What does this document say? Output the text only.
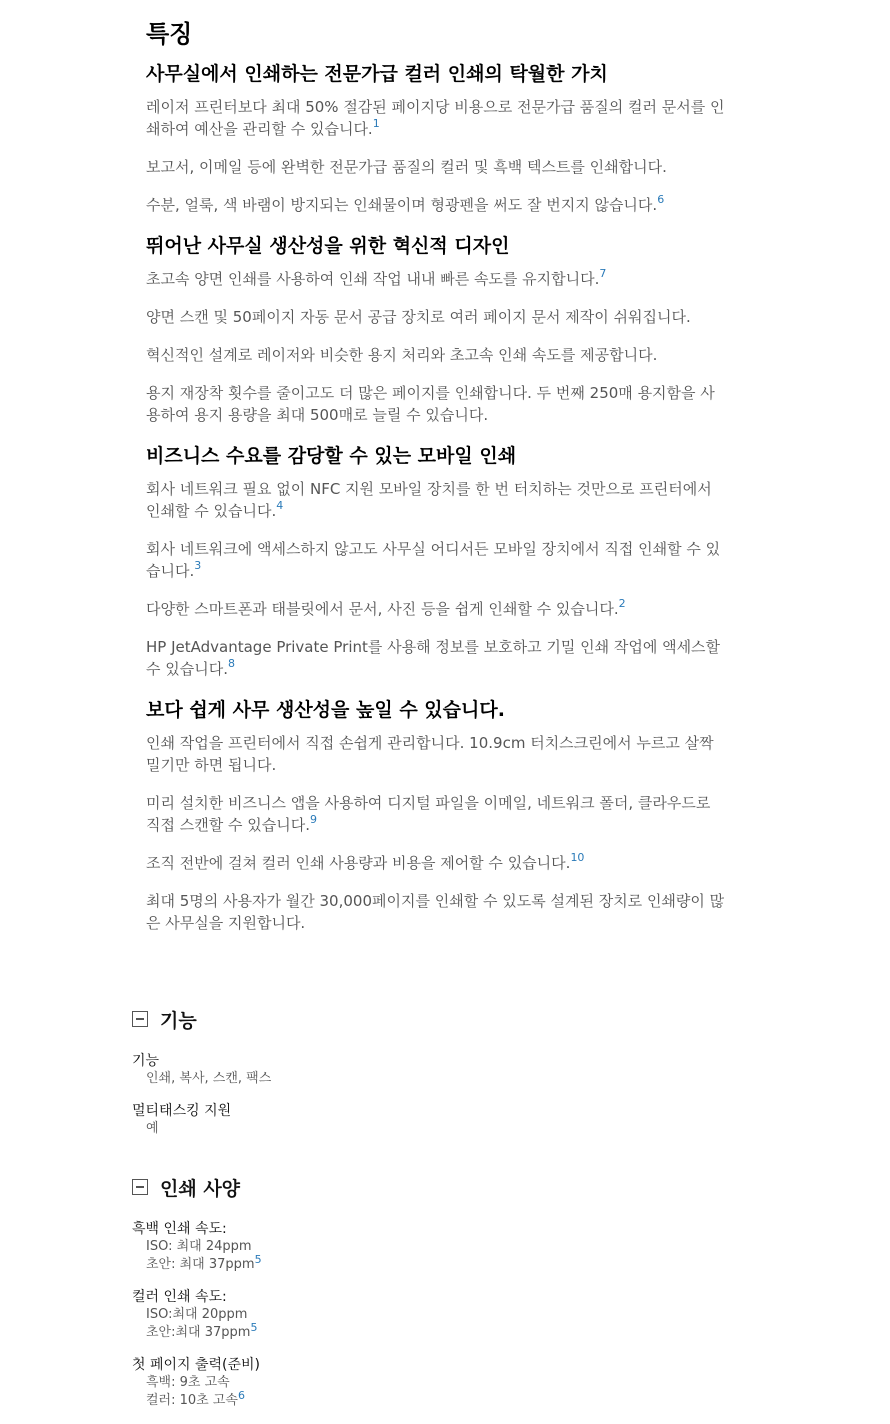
특징
사무실에서 인쇄하는 전문가급 컬러 인쇄의 탁월한 가치
레이저 프린터보다 최대 50% 절감된 페이지당 비용으로 전문가급 품질의 컬러 문서를 인쇄하여 예산을 관리할 수 있습니다.$^1$
보고서, 이메일 등에 완벽한 전문가급 품질의 컬러 및 흑백 텍스트를 인쇄합니다.
수분, 얼룩, 색 바램이 방지되는 인쇄물이며 형광펜을 써도 잘 번지지 않습니다.$^6$
뛰어난 사무실 생산성을 위한 혁신적 디자인
초고속 양면 인쇄를 사용하여 인쇄 작업 내내 빠른 속도를 유지합니다.$^7$
양면 스캔 및 50페이지 자동 문서 공급 장치로 여러 페이지 문서 제작이 쉬워집니다.
혁신적인 설계로 레이저와 비슷한 용지 처리와 초고속 인쇄 속도를 제공합니다.
용지 재장착 횟수를 줄이고도 더 많은 페이지를 인쇄합니다. 두 번째 250매 용지함을 사용하여 용지 용량을 최대 500매로 늘릴 수 있습니다.
비즈니스 수요를 감당할 수 있는 모바일 인쇄
회사 네트워크 필요 없이 NFC 지원 모바일 장치를 한 번 터치하는 것만으로 프린터에서 인쇄할 수 있습니다.$^4$
회사 네트워크에 액세스하지 않고도 사무실 어디서든 모바일 장치에서 직접 인쇄할 수 있습니다.$^3$
다양한 스마트폰과 태블릿에서 문서, 사진 등을 쉽게 인쇄할 수 있습니다.$^2$
HP JetAdvantage Private Print를 사용해 정보를 보호하고 기밀 인쇄 작업에 액세스할 수 있습니다.$^8$
보다 쉽게 사무 생산성을 높일 수 있습니다.
인쇄 작업을 프린터에서 직접 손쉽게 관리합니다. 10.9cm 터치스크린에서 누르고 살짝 밀기만 하면 됩니다.
미리 설치한 비즈니스 앱을 사용하여 디지털 파일을 이메일, 네트워크 폴더, 클라우드로 직접 스캔할 수 있습니다.$^9$
조직 전반에 걸쳐 컬러 인쇄 사용량과 비용을 제어할 수 있습니다.$^{10}$
최대 5명의 사용자가 월간 30,000페이지를 인쇄할 수 있도록 설계된 장치로 인쇄량이 많은 사무실을 지원합니다.
기능
기능
인쇄, 복사, 스캔, 팩스
멀티태스킹 지원
예
인쇄 사양
흑백 인쇄 속도:
ISO: 최대 24ppm
초안: 최대 37ppm$^5$
컬러 인쇄 속도:
ISO:최대 20ppm
초안:최대 37ppm$^5$
첫 페이지 출력(준비)
흑백: 9초 고속
컬러: 10초 고속$^6$
